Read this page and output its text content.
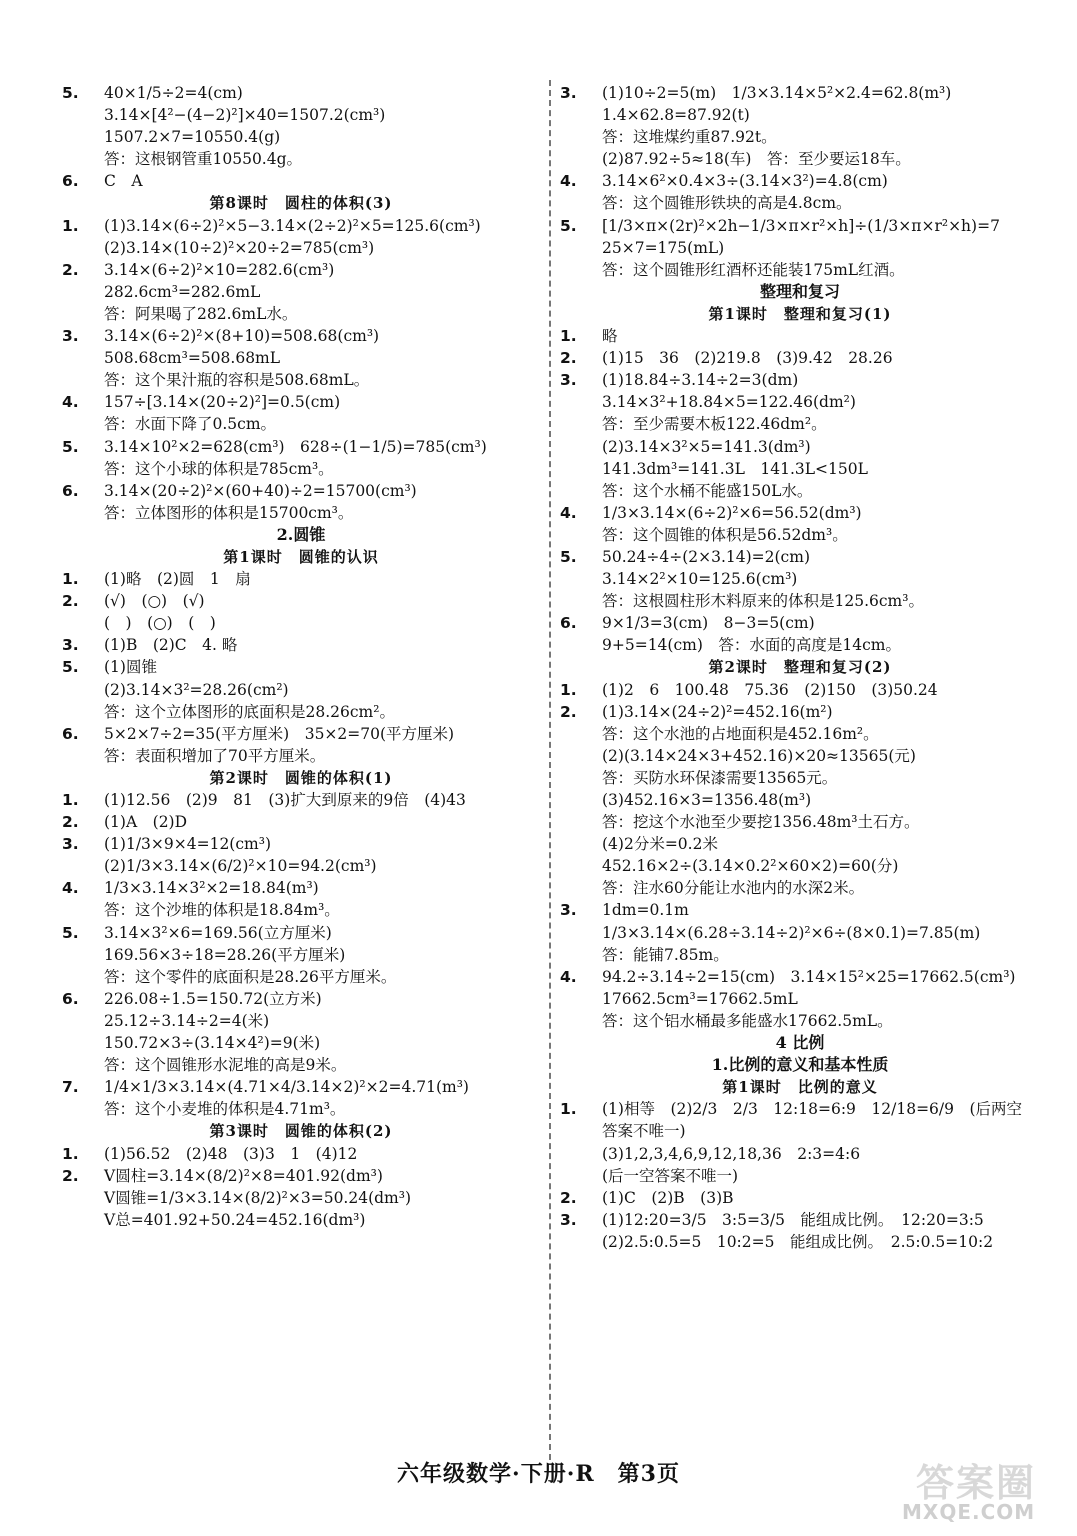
5. 40×1/5÷2=4(cm)
3.14×[4²−(4−2)²]×40=1507.2(cm³)
1507.2×7=10550.4(g)
答：这根钢管重10550.4g。
6. C　A
第8课时　圆柱的体积(3)
1. (1)3.14×(6÷2)²×5−3.14×(2÷2)²×5=125.6(cm³)
(2)3.14×(10÷2)²×20÷2=785(cm³)
2. 3.14×(6÷2)²×10=282.6(cm³)
282.6cm³=282.6mL
答：阿果喝了282.6mL水。
3. 3.14×(6÷2)²×(8+10)=508.68(cm³)
508.68cm³=508.68mL
答：这个果汁瓶的容积是508.68mL。
4. 157÷[3.14×(20÷2)²]=0.5(cm)
答：水面下降了0.5cm。
5. 3.14×10²×2=628(cm³)　628÷(1−1/5)=785(cm³)
答：这个小球的体积是785cm³。
6. 3.14×(20÷2)²×(60+40)÷2=15700(cm³)
答：立体图形的体积是15700cm³。
2.圆锥
第1课时　圆锥的认识
1. (1)略　(2)圆　1　扇
2. (√)　(○)　(√)
(　)　(○)　(　)
3. (1)B　(2)C　4. 略
5. (1)圆锥
(2)3.14×3²=28.26(cm²)
答：这个立体图形的底面积是28.26cm²。
6. 5×2×7÷2=35(平方厘米)　35×2=70(平方厘米)
答：表面积增加了70平方厘米。
第2课时　圆锥的体积(1)
1. (1)12.56　(2)9　81　(3)扩大到原来的9倍　(4)43
2. (1)A　(2)D
3. (1)1/3×9×4=12(cm³)
(2)1/3×3.14×(6/2)²×10=94.2(cm³)
4. 1/3×3.14×3²×2=18.84(m³)
答：这个沙堆的体积是18.84m³。
5. 3.14×3²×6=169.56(立方厘米)
169.56×3÷18=28.26(平方厘米)
答：这个零件的底面积是28.26平方厘米。
6. 226.08÷1.5=150.72(立方米)
25.12÷3.14÷2=4(米)
150.72×3÷(3.14×4²)=9(米)
答：这个圆锥形水泥堆的高是9米。
7. 1/4×1/3×3.14×(4.71×4/3.14×2)²×2=4.71(m³)
答：这个小麦堆的体积是4.71m³。
第3课时　圆锥的体积(2)
1. (1)56.52　(2)48　(3)3　1　(4)12
2. V圆柱=3.14×(8/2)²×8=401.92(dm³)
V圆锥=1/3×3.14×(8/2)²×3=50.24(dm³)
V总=401.92+50.24=452.16(dm³)
3. (1)10÷2=5(m)　1/3×3.14×5²×2.4=62.8(m³)
1.4×62.8=87.92(t)
答：这堆煤约重87.92t。
(2)87.92÷5≈18(车)　答：至少要运18车。
4. 3.14×6²×0.4×3÷(3.14×3²)=4.8(cm)
答：这个圆锥形铁块的高是4.8cm。
5. [1/3×π×(2r)²×2h−1/3×π×r²×h]÷(1/3×π×r²×h)=7
25×7=175(mL)
答：这个圆锥形红酒杯还能装175mL红酒。
整理和复习
第1课时　整理和复习(1)
1. 略
2. (1)15　36　(2)219.8　(3)9.42　28.26
3. (1)18.84÷3.14÷2=3(dm)
3.14×3²+18.84×5=122.46(dm²)
答：至少需要木板122.46dm²。
(2)3.14×3²×5=141.3(dm³)
141.3dm³=141.3L　141.3L<150L
答：这个水桶不能盛150L水。
4. 1/3×3.14×(6÷2)²×6=56.52(dm³)
答：这个圆锥的体积是56.52dm³。
5. 50.24÷4÷(2×3.14)=2(cm)
3.14×2²×10=125.6(cm³)
答：这根圆柱形木料原来的体积是125.6cm³。
6. 9×1/3=3(cm)　8−3=5(cm)
9+5=14(cm)　答：水面的高度是14cm。
第2课时　整理和复习(2)
1. (1)2　6　100.48　75.36　(2)150　(3)50.24
2. (1)3.14×(24÷2)²=452.16(m²)
答：这个水池的占地面积是452.16m²。
(2)(3.14×24×3+452.16)×20≈13565(元)
答：买防水环保漆需要13565元。
(3)452.16×3=1356.48(m³)
答：挖这个水池至少要挖1356.48m³土石方。
(4)2分米=0.2米
452.16×2÷(3.14×0.2²×60×2)=60(分)
答：注水60分能让水池内的水深2米。
3. 1dm=0.1m
1/3×3.14×(6.28÷3.14÷2)²×6÷(8×0.1)=7.85(m)
答：能铺7.85m。
4. 94.2÷3.14÷2=15(cm)　3.14×15²×25=17662.5(cm³)
17662.5cm³=17662.5mL
答：这个铝水桶最多能盛水17662.5mL。
4 比例
1.比例的意义和基本性质
第1课时　比例的意义
1. (1)相等　(2)2/3　2/3　12:18=6:9　12/18=6/9　(后两空
答案不唯一)
(3)1,2,3,4,6,9,12,18,36　2:3=4:6
(后一空答案不唯一)
2. (1)C　(2)B　(3)B
3. (1)12:20=3/5　3:5=3/5　能组成比例。　12:20=3:5
(2)2.5:0.5=5　10:2=5　能组成比例。　2.5:0.5=10:2
六年级数学·下册·R　第3页	答案圈
MXQE.COM
